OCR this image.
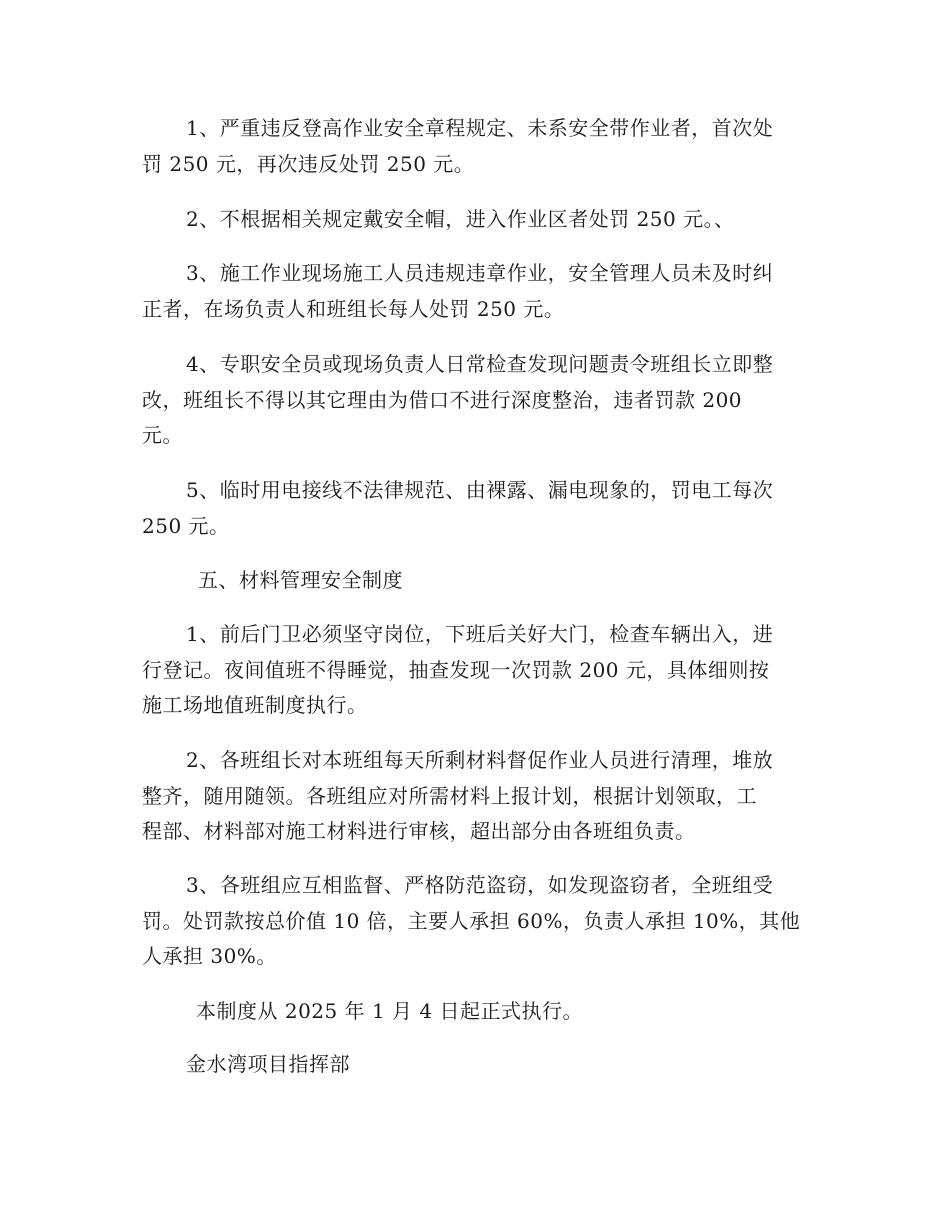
1、严重违反登高作业安全章程规定、未系安全带作业者，首次处
罚 250 元，再次违反处罚 250 元。
2、不根据相关规定戴安全帽，进入作业区者处罚 250 元。、
3、施工作业现场施工人员违规违章作业，安全管理人员未及时纠
正者，在场负责人和班组长每人处罚 250 元。
4、专职安全员或现场负责人日常检查发现问题责令班组长立即整
改，班组长不得以其它理由为借口不进行深度整治，违者罚款 200
元。
5、临时用电接线不法律规范、由裸露、漏电现象的，罚电工每次
250 元。
五、材料管理安全制度
1、前后门卫必须坚守岗位，下班后关好大门，检查车辆出入，进
行登记。夜间值班不得睡觉，抽查发现一次罚款 200 元，具体细则按
施工场地值班制度执行。
2、各班组长对本班组每天所剩材料督促作业人员进行清理，堆放
整齐，随用随领。各班组应对所需材料上报计划，根据计划领取，工
程部、材料部对施工材料进行审核，超出部分由各班组负责。
3、各班组应互相监督、严格防范盗窃，如发现盗窃者，全班组受
罚。处罚款按总价值 10 倍，主要人承担 60%，负责人承担 10%，其他
人承担 30%。
本制度从 2025 年 1 月 4 日起正式执行。
金水湾项目指挥部
